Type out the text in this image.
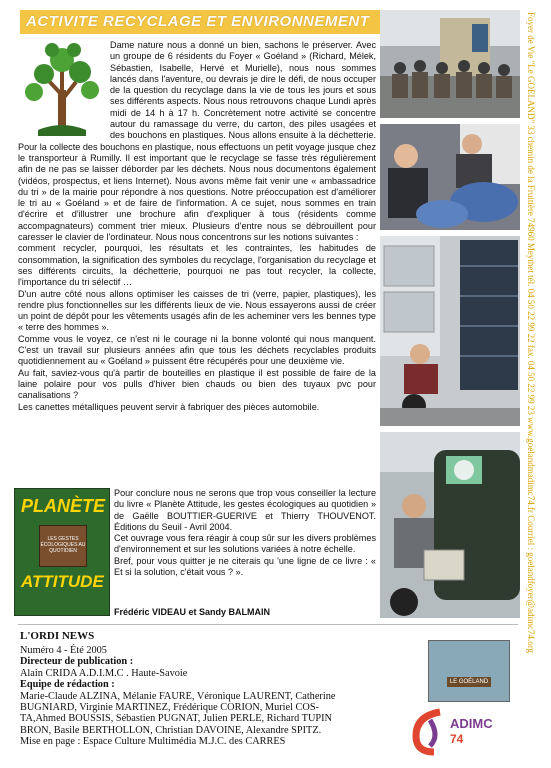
ACTIVITE RECYCLAGE ET ENVIRONNEMENT

Dame nature nous a donné un bien, sachons le préserver. Avec un groupe de 6 résidents du Foyer « Goéland » (Richard, Mélek, Sébastien, Isabelle, Hervé et Murielle), nous nous sommes lancés dans l'aventure, ou devrais je dire le défi, de nous occuper de la question du recyclage dans la vie de tous les jours et sous ses différents aspects. Nous nous retrouvons chaque Lundi après midi de 14 h à 17 h. Concrètement notre activité se concentre autour du ramassage du verre, du carton, des piles usagées et des bouchons en plastiques. Nous allons ensuite à la déchetterie. Pour la collecte des bouchons en plastique, nous effectuons un petit voyage jusque chez le transporteur à Rumilly. Il est important que le recyclage se fasse très régulièrement afin de ne pas se laisser déborder par les déchets. Nous nous documentons également (vidéos, prospectus, et liens Internet). Nous avons même fait venir une « ambassadrice du tri » de la mairie pour répondre à nos questions. Notre préoccupation est d'améliorer le tri au « Goéland » et de faire de l'information. A ce sujet, nous sommes en train d'écrire et d'illustrer une brochure afin d'expliquer à tous (résidents comme accompagnateurs) comment trier mieux. Plusieurs d'entre nous se débrouillent pour caresser le clavier de l'ordinateur. Nous nous concentrons sur les notions suivantes :

comment recycler, pourquoi, les résultats et les contraintes, les habitudes de consommation, la signification des symboles du recyclage, l'organisation du recyclage et ses différents circuits, la déchetterie, pourquoi ne pas tout recycler, la collecte, l'importance du tri sélectif …

D'un autre côté nous allons optimiser les caisses de tri (verre, papier, plastiques), les rendre plus fonctionnelles sur les différents lieux de vie. Nous essayerons aussi de créer un point de dépôt pour les vêtements usagés afin de les acheminer vers les bennes type « terre des hommes ».

Comme vous le voyez, ce n'est ni le courage ni la bonne volonté qui nous manquent. C'est un travail sur plusieurs années afin que tous les déchets recyclables produits quotidiennement au « Goéland » puissent être récupérés pour une deuxième vie.

Au fait, saviez-vous qu'à partir de bouteilles en plastique il est possible de faire de la laine polaire pour vos pulls d'hiver bien chauds ou bien des tuyaux pvc pour canalisations ?

Les canettes métalliques peuvent servir à fabriquer des pièces automobile.

PLANÈTE
LES GESTES ÉCOLOGIQUES AU QUOTIDIEN
ATTITUDE

Pour conclure nous ne serons que trop vous conseiller la lecture du livre « Planète Attitude, les gestes écologiques au quotidien » de Gaëlle BOUTTIER-GUERIVE et Thierry THOUVENOT. Éditions du Seuil - Avril 2004.

Cet ouvrage vous fera réagir à coup sûr sur les divers problèmes d'environnement et sur les solutions variées à notre échelle.

Bref, pour vous quitter je ne citerais qu 'une ligne de ce livre : « Et si la solution, c'était vous ? ».

Frédéric VIDEAU et Sandy BALMAIN	Foyer de Vie "Le GOELAND" 33 chemin de la Fruitière 74960 Meythet tél. 04 50 22 99 22 fax. 04 50 22 99 23 www.goelandmadimc74.fr Courriel : goelandfoyer@adimc74.org
L'ORDI NEWS
Numéro 4 - Été 2005
Directeur de publication :
Alain CRIDA A.D.I.M.C . Haute-Savoie
Equipe de rédaction :
Marie-Claude ALZINA, Mélanie FAURE, Véronique LAURENT, Catherine
BUGNIARD, Virginie MARTINEZ, Frédérique CORION, Muriel COS-
TA,Ahmed BOUSSIS, Sébastien PUGNAT, Julien PERLE, Richard TUPIN
BRON, Basile BERTHOLLON, Christian DAVOINE, Alexandre SPITZ.
Mise en page : Espace Culture Multimédia M.J.C. des CARRES
LE GOÉLAND
ADIMC
74
